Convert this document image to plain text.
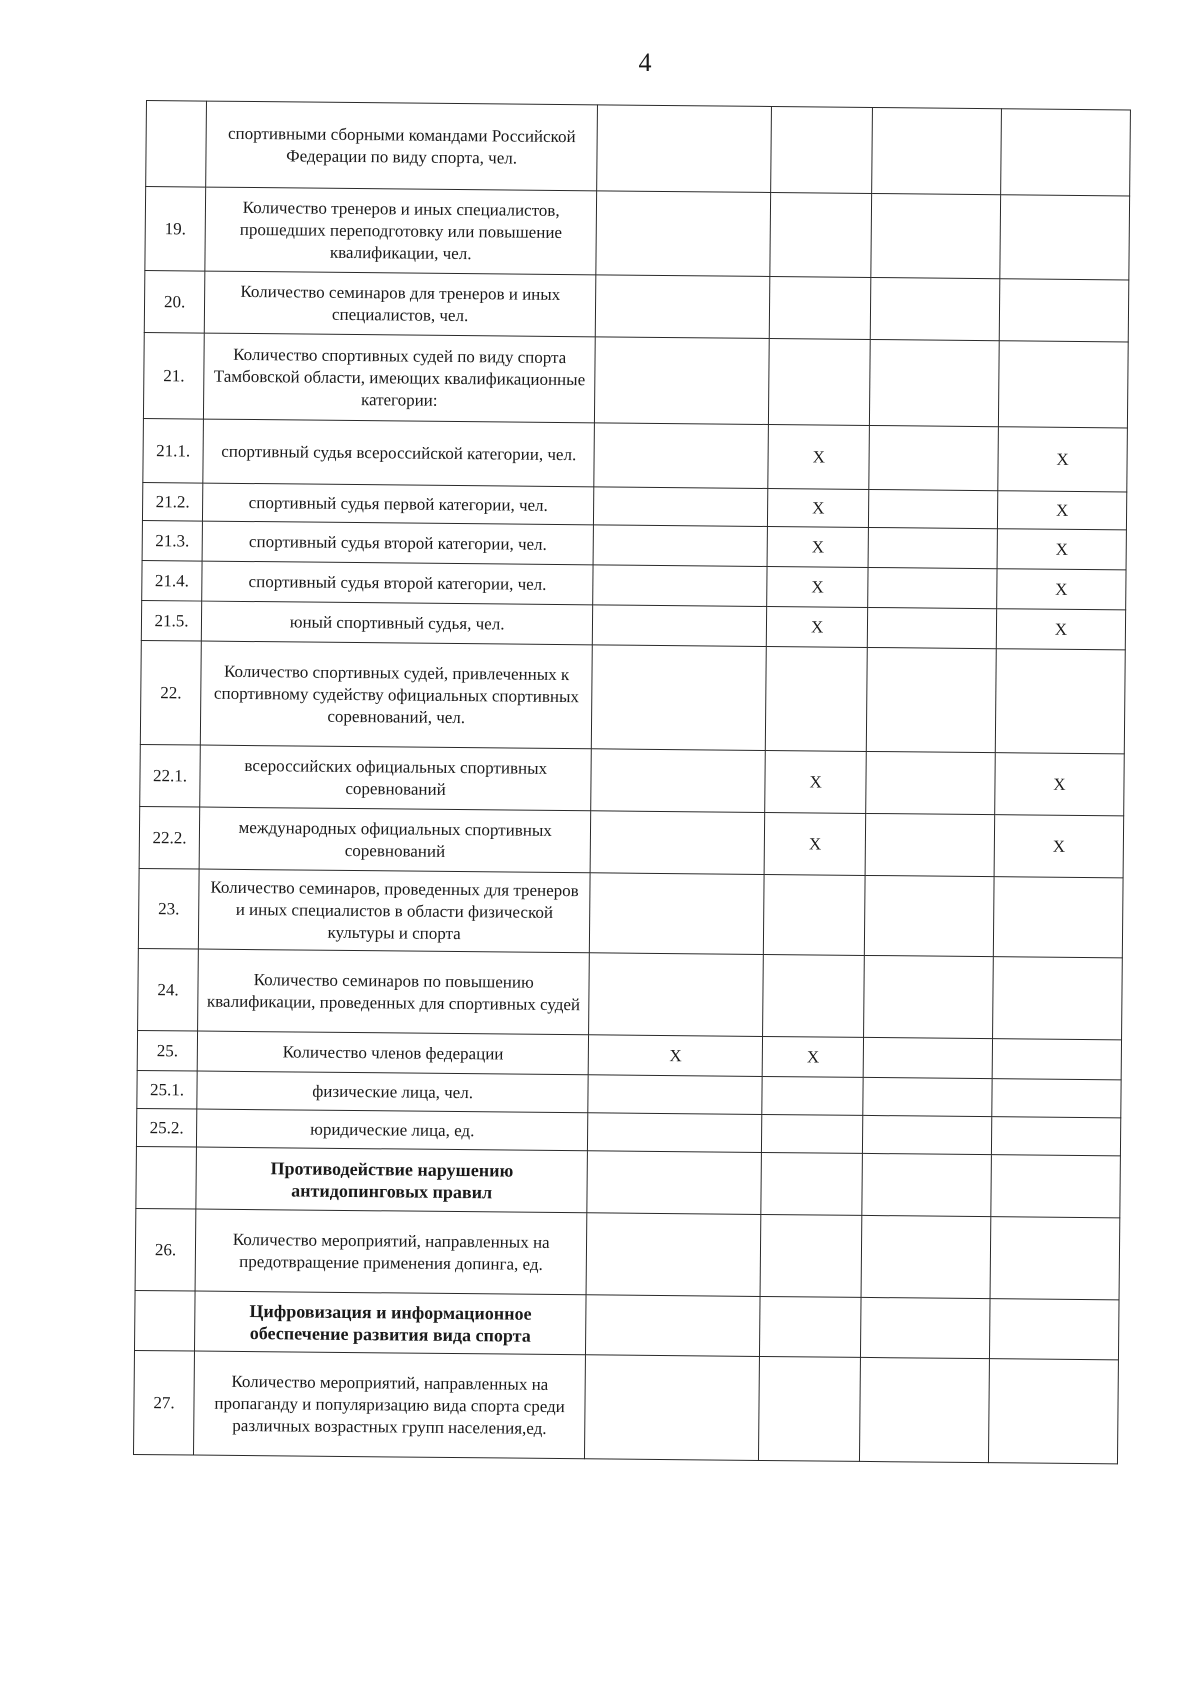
4
	спортивными сборными командами Российской Федерации по виду спорта, чел.				
19.	Количество тренеров и иных специалистов, прошедших переподготовку или повышение квалификации, чел.				
20.	Количество семинаров для тренеров и иных специалистов, чел.				
21.	Количество спортивных судей по виду спорта Тамбовской области, имеющих квалификационные категории:				
21.1.	спортивный судья всероссийской категории, чел.		X		X
21.2.	спортивный судья первой категории, чел.		X		X
21.3.	спортивный судья второй категории, чел.		X		X
21.4.	спортивный судья второй категории, чел.		X		X
21.5.	юный спортивный судья, чел.		X		X
22.	Количество спортивных судей, привлеченных к спортивному судейству официальных спортивных соревнований, чел.				
22.1.	всероссийских официальных спортивных соревнований		X		X
22.2.	международных официальных спортивных соревнований		X		X
23.	Количество семинаров, проведенных для тренеров и иных специалистов в области физической культуры и спорта				
24.	Количество семинаров по повышению квалификации, проведенных для спортивных судей				
25.	Количество членов федерации	X	X		
25.1.	физические лица, чел.				
25.2.	юридические лица, ед.				
	Противодействие нарушению антидопинговых правил				
26.	Количество мероприятий, направленных на предотвращение применения допинга, ед.				
	Цифровизация и информационное обеспечение развития вида спорта				
27.	Количество мероприятий, направленных на пропаганду и популяризацию вида спорта среди различных возрастных групп населения,ед.				
